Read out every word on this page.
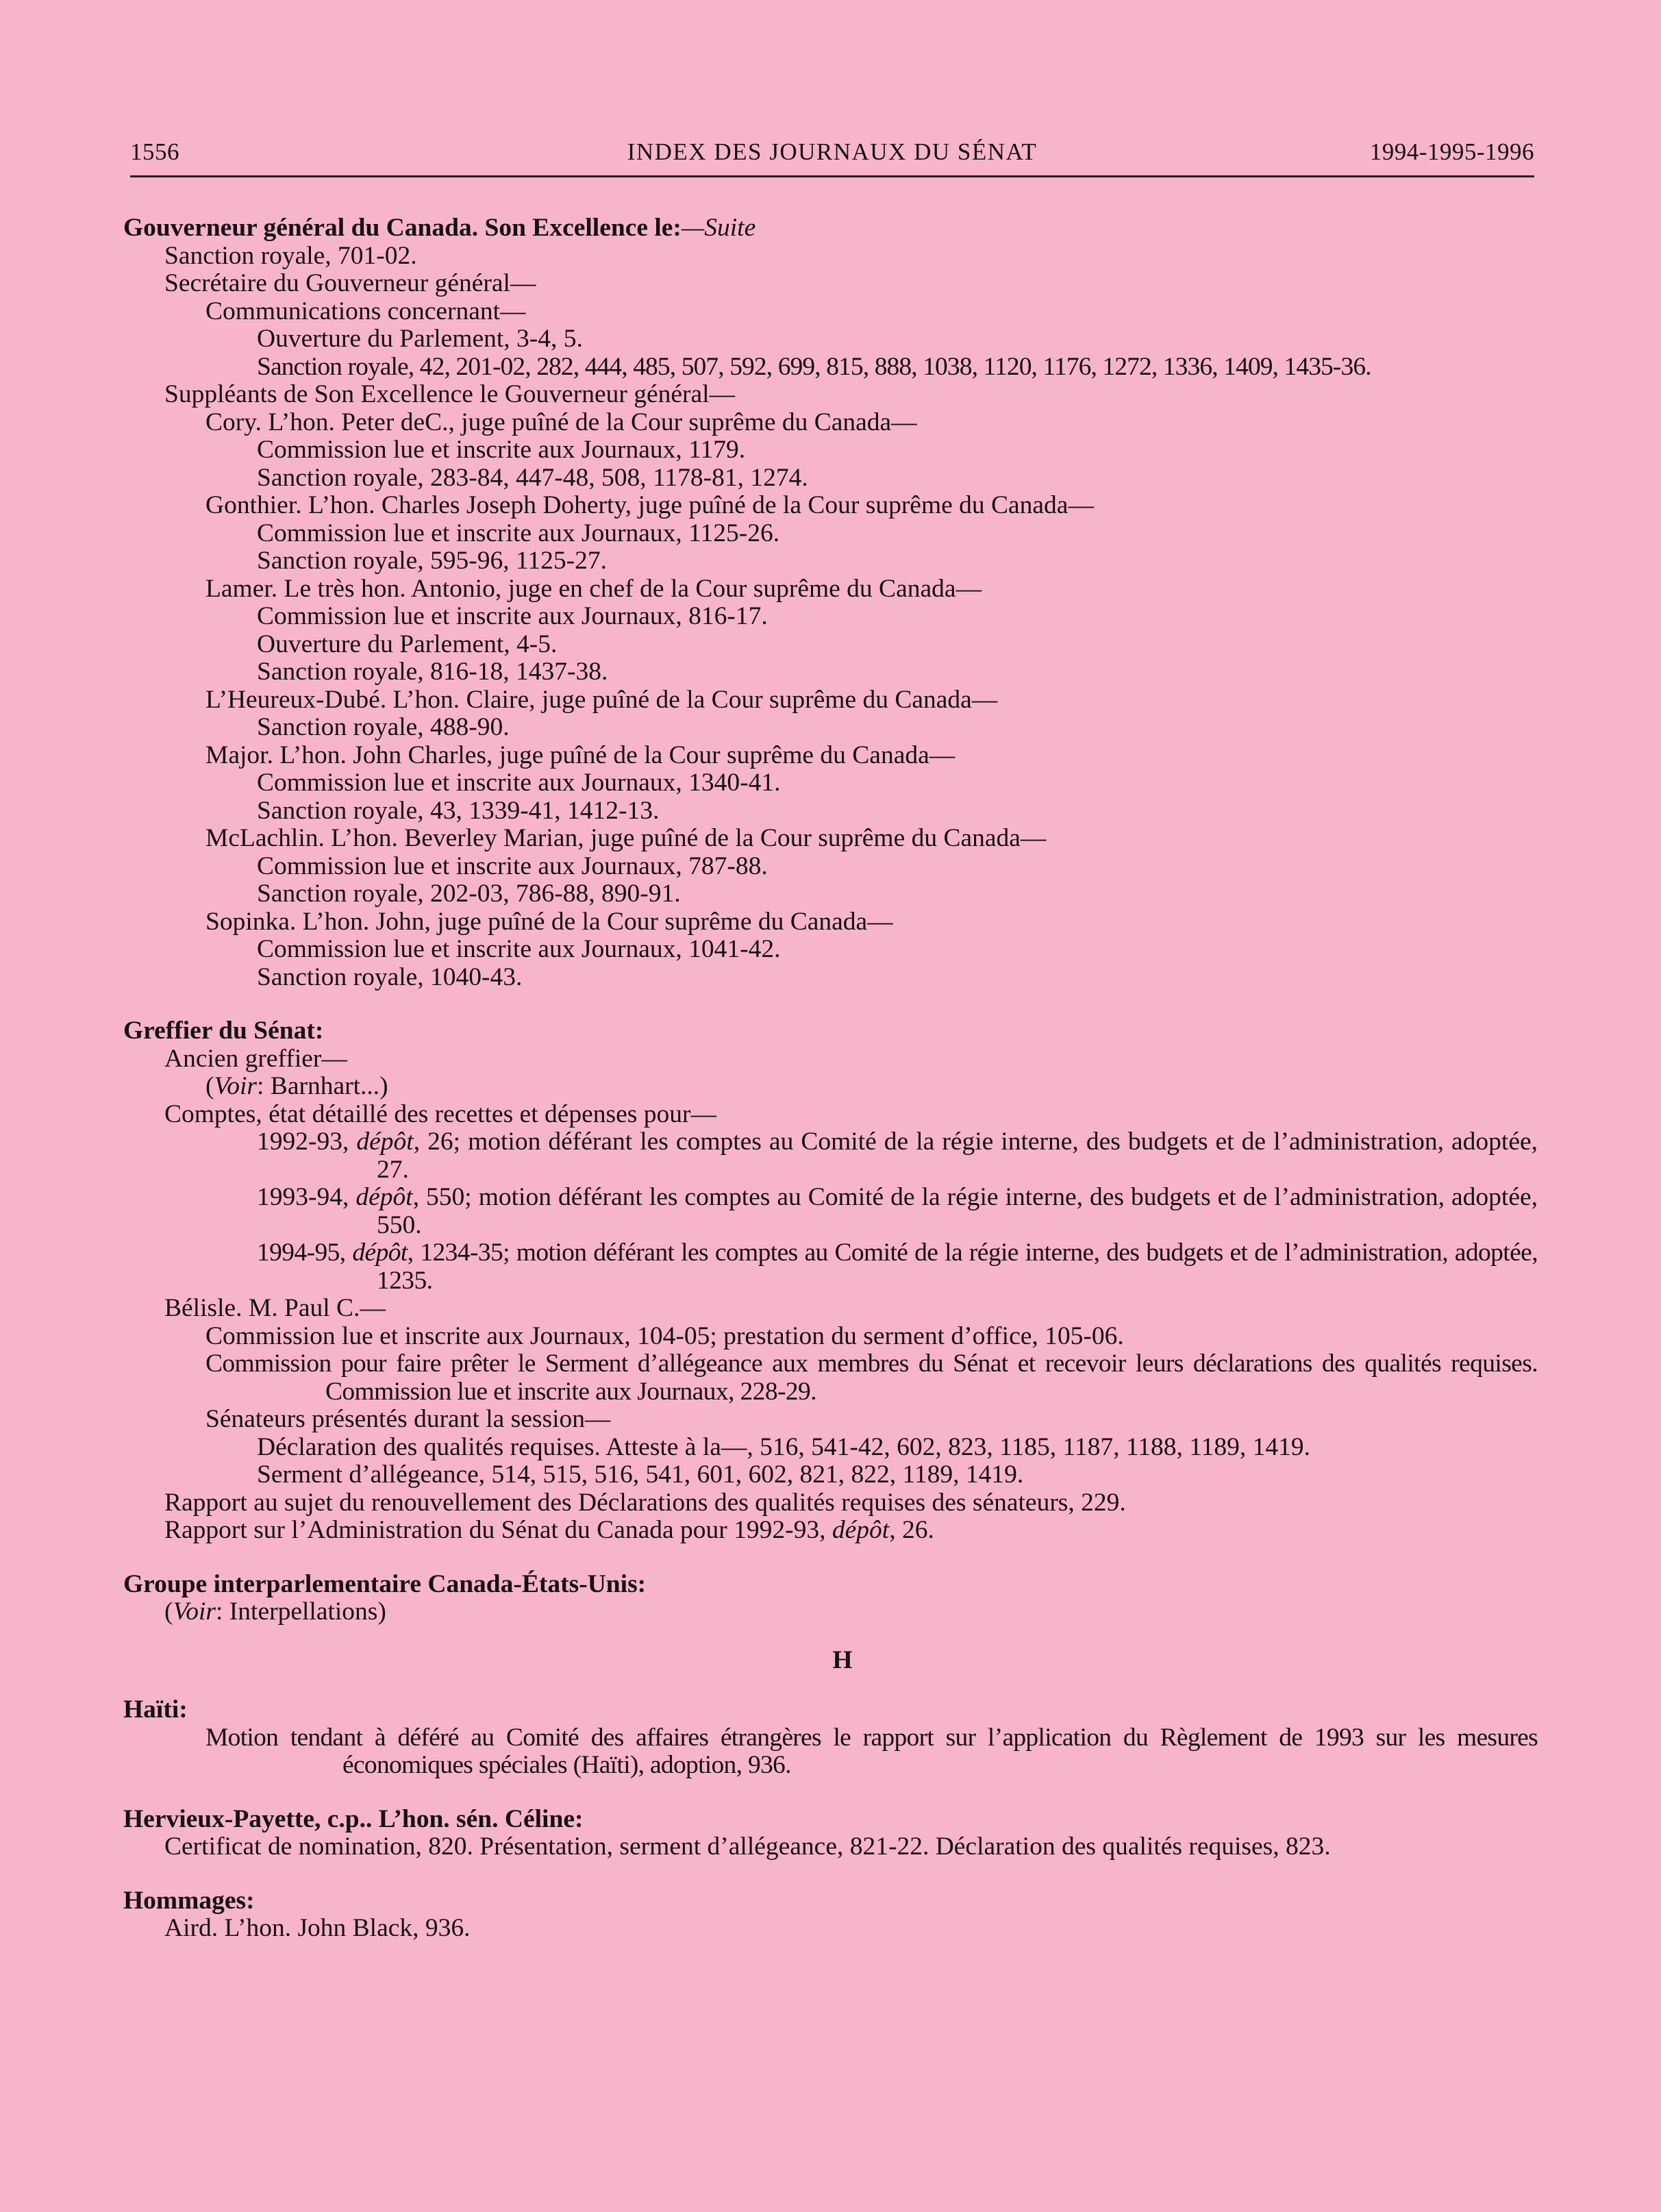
1556	INDEX DES JOURNAUX DU SÉNAT	1994-1995-1996
Gouverneur général du Canada. Son Excellence le:—Suite
Sanction royale, 701-02.
Secrétaire du Gouverneur général—
Communications concernant—
Ouverture du Parlement, 3-4, 5.
Sanction royale, 42, 201-02, 282, 444, 485, 507, 592, 699, 815, 888, 1038, 1120, 1176, 1272, 1336, 1409, 1435-36.
Suppléants de Son Excellence le Gouverneur général—
Cory. L’hon. Peter deC., juge puîné de la Cour suprême du Canada—
Commission lue et inscrite aux Journaux, 1179.
Sanction royale, 283-84, 447-48, 508, 1178-81, 1274.
Gonthier. L’hon. Charles Joseph Doherty, juge puîné de la Cour suprême du Canada—
Commission lue et inscrite aux Journaux, 1125-26.
Sanction royale, 595-96, 1125-27.
Lamer. Le très hon. Antonio, juge en chef de la Cour suprême du Canada—
Commission lue et inscrite aux Journaux, 816-17.
Ouverture du Parlement, 4-5.
Sanction royale, 816-18, 1437-38.
L’Heureux-Dubé. L’hon. Claire, juge puîné de la Cour suprême du Canada—
Sanction royale, 488-90.
Major. L’hon. John Charles, juge puîné de la Cour suprême du Canada—
Commission lue et inscrite aux Journaux, 1340-41.
Sanction royale, 43, 1339-41, 1412-13.
McLachlin. L’hon. Beverley Marian, juge puîné de la Cour suprême du Canada—
Commission lue et inscrite aux Journaux, 787-88.
Sanction royale, 202-03, 786-88, 890-91.
Sopinka. L’hon. John, juge puîné de la Cour suprême du Canada—
Commission lue et inscrite aux Journaux, 1041-42.
Sanction royale, 1040-43.
Greffier du Sénat:
Ancien greffier—
(Voir: Barnhart...)
Comptes, état détaillé des recettes et dépenses pour—
1992-93, dépôt, 26; motion déférant les comptes au Comité de la régie interne, des budgets et de l’administration, adoptée, 27.
1993-94, dépôt, 550; motion déférant les comptes au Comité de la régie interne, des budgets et de l’administration, adoptée, 550.
1994-95, dépôt, 1234-35; motion déférant les comptes au Comité de la régie interne, des budgets et de l’administration, adoptée, 1235.
Bélisle. M. Paul C.—
Commission lue et inscrite aux Journaux, 104-05; prestation du serment d’office, 105-06.
Commission pour faire prêter le Serment d’allégeance aux membres du Sénat et recevoir leurs déclarations des qualités requises. Commission lue et inscrite aux Journaux, 228-29.
Sénateurs présentés durant la session—
Déclaration des qualités requises. Atteste à la—, 516, 541-42, 602, 823, 1185, 1187, 1188, 1189, 1419.
Serment d’allégeance, 514, 515, 516, 541, 601, 602, 821, 822, 1189, 1419.
Rapport au sujet du renouvellement des Déclarations des qualités requises des sénateurs, 229.
Rapport sur l’Administration du Sénat du Canada pour 1992-93, dépôt, 26.
Groupe interparlementaire Canada-États-Unis:
(Voir: Interpellations)
H
Haïti:
Motion tendant à déféré au Comité des affaires étrangères le rapport sur l’application du Règlement de 1993 sur les mesures économiques spéciales (Haïti), adoption, 936.
Hervieux-Payette, c.p.. L’hon. sén. Céline:
Certificat de nomination, 820. Présentation, serment d’allégeance, 821-22. Déclaration des qualités requises, 823.
Hommages:
Aird. L’hon. John Black, 936.
